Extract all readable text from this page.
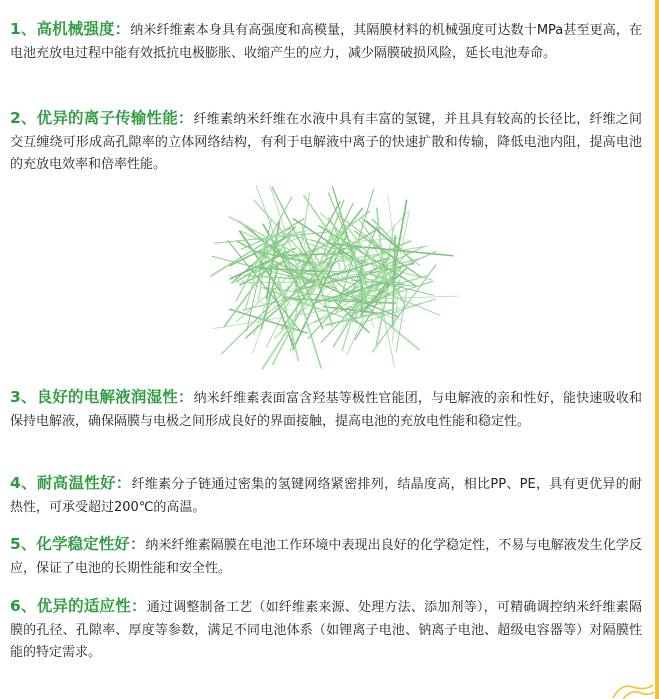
1、高机械强度：纳米纤维素本身具有高强度和高模量，其隔膜材料的机械强度可达数十MPa甚至更高，在电池充放电过程中能有效抵抗电极膨胀、收缩产生的应力，减少隔膜破损风险，延长电池寿命。
2、优异的离子传输性能：纤维素纳米纤维在水液中具有丰富的氢键，并且具有较高的长径比，纤维之间交互缠绕可形成高孔隙率的立体网络结构，有利于电解液中离子的快速扩散和传输，降低电池内阻，提高电池的充放电效率和倍率性能。
3、良好的电解液润湿性：纳米纤维素表面富含羟基等极性官能团，与电解液的亲和性好，能快速吸收和保持电解液，确保隔膜与电极之间形成良好的界面接触，提高电池的充放电性能和稳定性。
4、耐高温性好：纤维素分子链通过密集的氢键网络紧密排列，结晶度高，相比PP、PE，具有更优异的耐热性，可承受超过200℃的高温。
5、化学稳定性好：纳米纤维素隔膜在电池工作环境中表现出良好的化学稳定性，不易与电解液发生化学反应，保证了电池的长期性能和安全性。
6、优异的适应性：通过调整制备工艺（如纤维素来源、处理方法、添加剂等），可精确调控纳米纤维素隔膜的孔径、孔隙率、厚度等参数，满足不同电池体系（如锂离子电池、钠离子电池、超级电容器等）对隔膜性能的特定需求。
